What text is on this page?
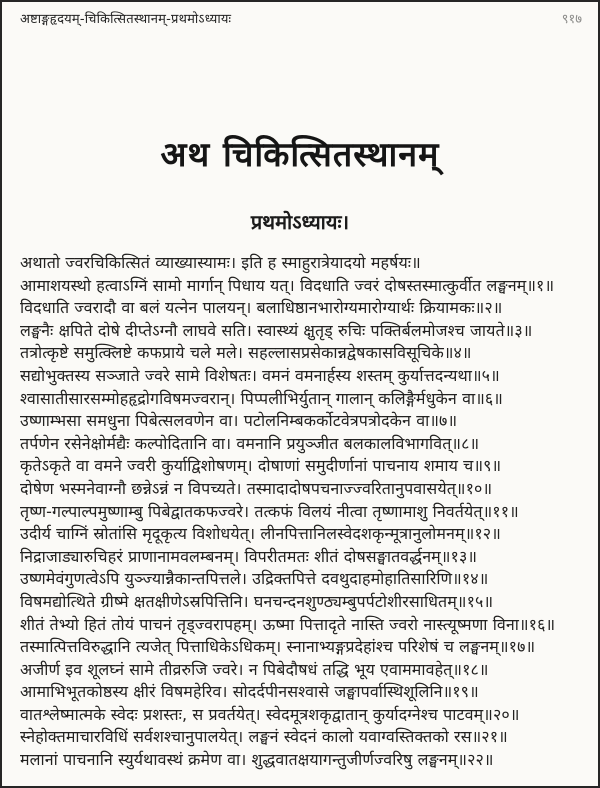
अष्टाङ्गहृदयम्-चिकित्सितस्थानम्-प्रथमोऽध्यायः	९१७
अथ चिकित्सितस्थानम्
प्रथमोऽध्यायः।

अथातो ज्वरचिकित्सितं व्याख्यास्यामः। इति ह स्माहुरात्रेयादयो महर्षयः॥

आमाशयस्थो हत्वाऽग्निं सामो मार्गान् पिधाय यत्। विदधाति ज्वरं दोषस्तस्मात्कुर्वीत लङ्घनम्॥१॥

विदधाति ज्वरादौ वा बलं यत्नेन पालयन्। बलाधिष्ठानभारोग्यमारोग्यार्थः क्रियामकः॥२॥

लङ्घनैः क्षपिते दोषे दीप्तेऽग्नौ लाघवे सति। स्वास्थ्यं क्षुतृड् रुचिः पक्तिर्बलमोजश्च जायते॥३॥

तत्रोत्कृष्टे समुत्क्लिष्टे कफप्राये चले मले। सहल्लासप्रसेकान्नद्वेषकासविसूचिके॥४॥

सद्योभुक्तस्य सञ्जाते ज्वरे सामे विशेषतः। वमनं वमनार्हस्य शस्तम् कुर्यात्तदन्यथा॥५॥

श्वासातीसारसम्मोहहृद्रोगविषमज्वरान्। पिप्पलीभिर्युतान् गालान् कलिङ्गैर्मधुकेन वा॥६॥

उष्णाम्भसा समधुना पिबेत्सलवणेन वा। पटोलनिम्बकर्कोटवेत्रपत्रोदकेन वा॥७॥

तर्पणेन रसेनेक्षोर्मद्यैः कल्पोदितानि वा। वमनानि प्रयुञ्जीत बलकालविभागवित्॥८॥

कृतेऽकृते वा वमने ज्वरी कुर्याद्विशोषणम्। दोषाणां समुदीर्णानां पाचनाय शमाय च॥९॥

दोषेण भस्मनेवाग्नौ छन्नेऽन्नं न विपच्यते। तस्मादादोषपचनाज्ज्वरितानुपवासयेत्॥१०॥

तृष्ण-गल्पाल्पमुष्णाम्बु पिबेद्वातकफज्वरे। तत्कफं विलयं नीत्वा तृष्णामाशु निवर्तयेत्॥११॥

उदीर्य चाग्निं स्रोतांसि मृदूकृत्य विशोधयेत्। लीनपित्तानिलस्वेदशकृन्मूत्रानुलोमनम्॥१२॥

निद्राजाड्यारुचिहरं प्राणानामवलम्बनम्। विपरीतमतः शीतं दोषसङ्घातवर्द्धनम्॥१३॥

उष्णमेवंगुणत्वेऽपि युञ्ज्यान्नैकान्तपित्तले। उद्रिक्तपित्ते दवथुदाहमोहातिसारिणि॥१४॥

विषमद्योत्थिते ग्रीष्मे क्षतक्षीणेऽस्रपित्तिनि। घनचन्दनशुण्ठ्यम्बुपर्पटोशीरसाधितम्॥१५॥

शीतं तेभ्यो हितं तोयं पाचनं तृड्ज्वरापहम्। ऊष्मा पित्तादृते नास्ति ज्वरो नास्त्यूष्मणा विना॥१६॥

तस्मात्पित्तविरुद्धानि त्यजेत् पित्ताधिकेऽधिकम्। स्नानाभ्यङ्गप्रदेहांश्च परिशेषं च लङ्घनम्॥१७॥

अजीर्ण इव शूलघ्नं सामे तीव्ररुजि ज्वरे। न पिबेदौषधं तद्धि भूय एवाममावहेत्॥१८॥

आमाभिभूतकोष्ठस्य क्षीरं विषमहेरिव। सोदर्दपीनसश्वासे जङ्घापर्वास्थिशूलिनि॥१९॥

वातश्लेष्मात्मके स्वेदः प्रशस्तः, स प्रवर्तयेत्। स्वेदमूत्रशकृद्वातान् कुर्यादग्नेश्च पाटवम्॥२०॥

स्नेहोक्तमाचारविधिं सर्वशश्चानुपालयेत्। लङ्घनं स्वेदनं कालो यवाग्वस्तिक्तको रस॥२१॥

मलानां पाचनानि स्युर्यथावस्थं क्रमेण वा। शुद्धवातक्षयागन्तुजीर्णज्वरिषु लङ्घनम्॥२२॥
